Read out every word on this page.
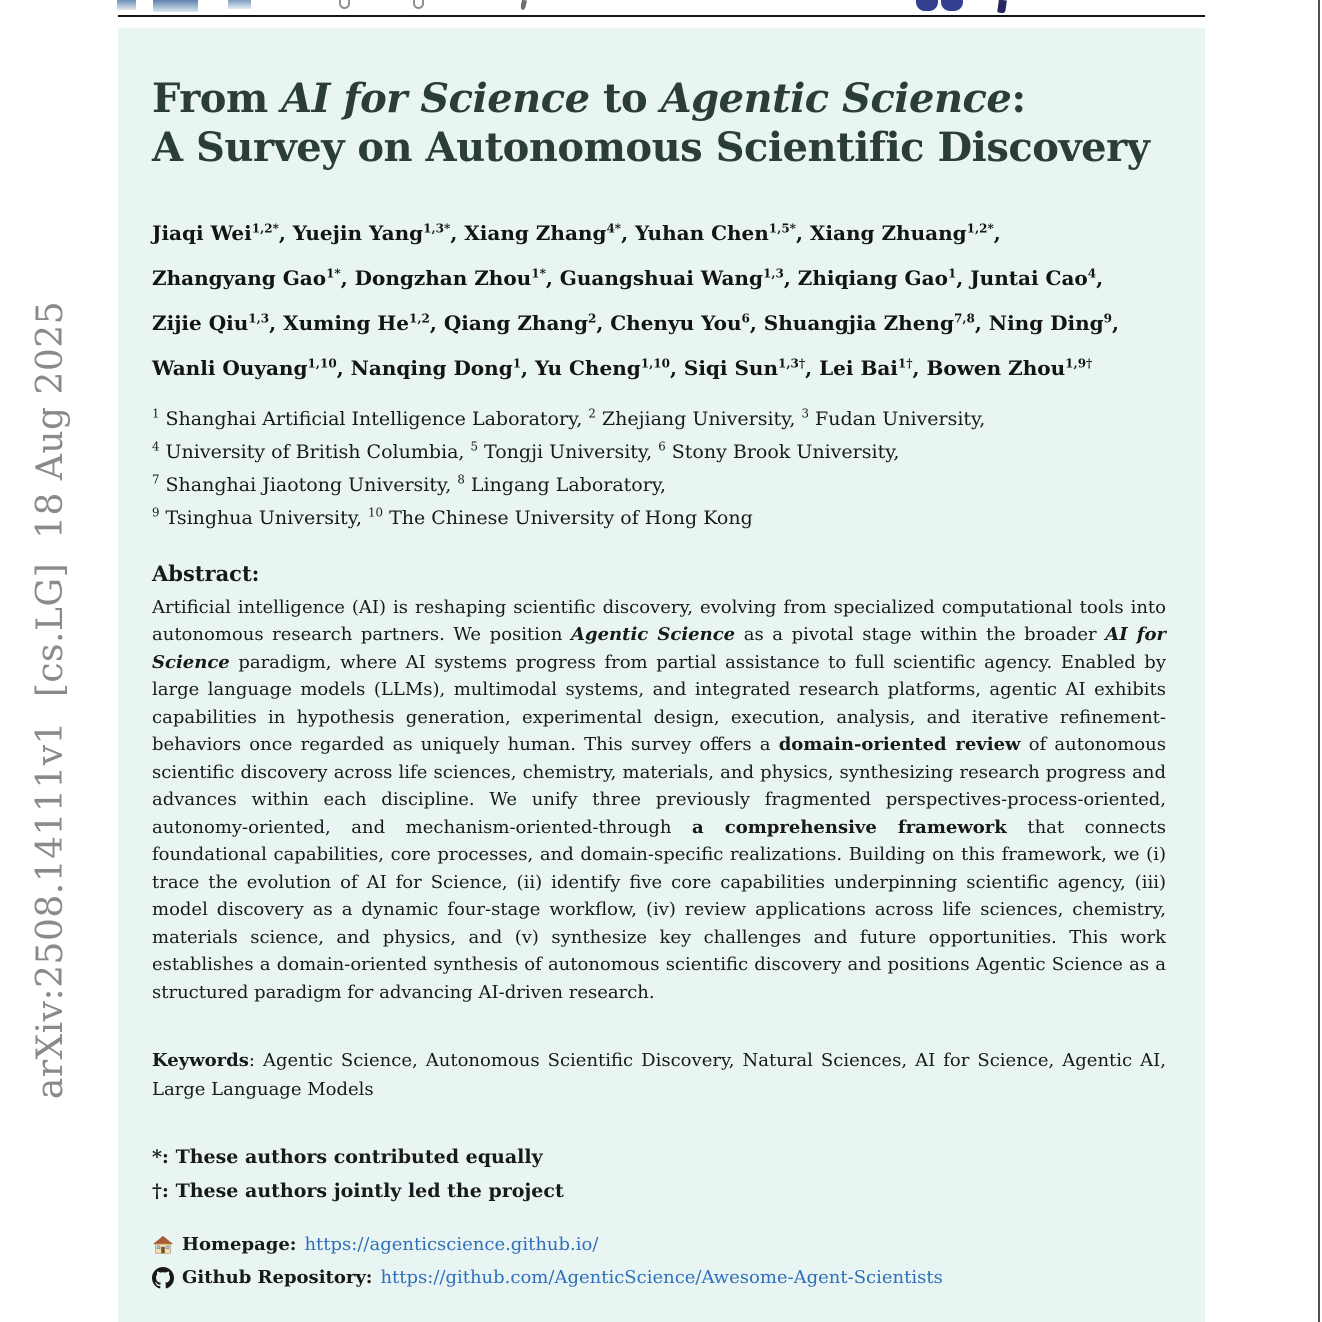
arXiv:2508.14111v1  [cs.LG]  18 Aug 2025
From AI for Science to Agentic Science:
A Survey on Autonomous Scientific Discovery
Jiaqi Wei$^{1,2*}$, Yuejin Yang$^{1,3*}$, Xiang Zhang$^{4*}$, Yuhan Chen$^{1,5*}$, Xiang Zhuang$^{1,2*}$,
Zhangyang Gao$^{1*}$, Dongzhan Zhou$^{1*}$, Guangshuai Wang$^{1,3}$, Zhiqiang Gao$^1$, Juntai Cao$^4$,
Zijie Qiu$^{1,3}$, Xuming He$^{1,2}$, Qiang Zhang$^2$, Chenyu You$^6$, Shuangjia Zheng$^{7,8}$, Ning Ding$^9$,
Wanli Ouyang$^{1,10}$, Nanqing Dong$^1$, Yu Cheng$^{1,10}$, Siqi Sun$^{1,3\dagger}$, Lei Bai$^{1\dagger}$, Bowen Zhou$^{1,9\dagger}$
$^1$ Shanghai Artificial Intelligence Laboratory, $^2$ Zhejiang University, $^3$ Fudan University,
$^4$ University of British Columbia, $^5$ Tongji University, $^6$ Stony Brook University,
$^7$ Shanghai Jiaotong University, $^8$ Lingang Laboratory,
$^9$ Tsinghua University, $^{10}$ The Chinese University of Hong Kong
Abstract:
Artificial intelligence (AI) is reshaping scientific discovery, evolving from specialized computational tools into autonomous research partners. We position Agentic Science as a pivotal stage within the broader AI for Science paradigm, where AI systems progress from partial assistance to full scientific agency. Enabled by large language models (LLMs), multimodal systems, and integrated research platforms, agentic AI exhibits capabilities in hypothesis generation, experimental design, execution, analysis, and iterative refinement-behaviors once regarded as uniquely human. This survey offers a domain-oriented review of autonomous scientific discovery across life sciences, chemistry, materials, and physics, synthesizing research progress and advances within each discipline. We unify three previously fragmented perspectives-process-oriented, autonomy-oriented, and mechanism-oriented-through a comprehensive framework that connects foundational capabilities, core processes, and domain-specific realizations. Building on this framework, we (i) trace the evolution of AI for Science, (ii) identify five core capabilities underpinning scientific agency, (iii) model discovery as a dynamic four-stage workflow, (iv) review applications across life sciences, chemistry, materials science, and physics, and (v) synthesize key challenges and future opportunities. This work establishes a domain-oriented synthesis of autonomous scientific discovery and positions Agentic Science as a structured paradigm for advancing AI-driven research.
Keywords: Agentic Science, Autonomous Scientific Discovery, Natural Sciences, AI for Science, Agentic AI, Large Language Models
*: These authors contributed equally
†: These authors jointly led the project
Homepage: https://agenticscience.github.io/
Github Repository: https://github.com/AgenticScience/Awesome-Agent-Scientists
